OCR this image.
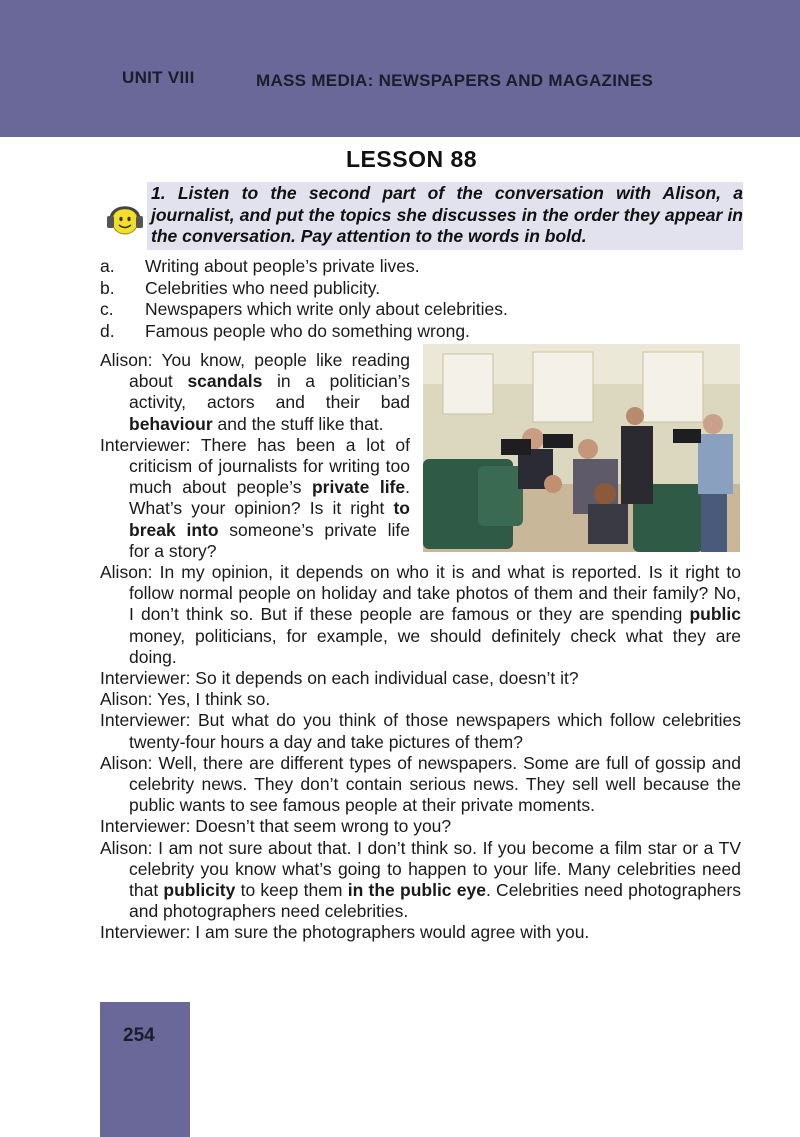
UNIT VIII	MASS MEDIA: NEWSPAPERS AND MAGAZINES
LESSON 88
1. Listen to the second part of the conversation with Alison, a journalist, and put the topics she discusses in the order they appear in the conversation. Pay attention to the words in bold.
a.	Writing about people’s private lives.
b.	Celebrities who need publicity.
c.	Newspapers which write only about celebrities.
d.	Famous people who do something wrong.

Alison: You know, people like reading about scandals in a politician’s activity, actors and their bad behaviour and the stuff like that.

Interviewer: There has been a lot of criticism of journalists for writing too much about people’s private life. What’s your opinion? Is it right to break into someone’s private life for a story?

Alison: In my opinion, it depends on who it is and what is reported. Is it right to follow normal people on holiday and take photos of them and their family? No, I don’t think so. But if these people are famous or they are spending public money, politicians, for example, we should definitely check what they are doing.

Interviewer: So it depends on each individual case, doesn’t it?

Alison: Yes, I think so.

Interviewer: But what do you think of those newspapers which follow celebrities twenty-four hours a day and take pictures of them?

Alison: Well, there are different types of newspapers. Some are full of gossip and celebrity news. They don’t contain serious news. They sell well because the public wants to see famous people at their private moments.

Interviewer: Doesn’t that seem wrong to you?

Alison: I am not sure about that. I don’t think so. If you become a film star or a TV celebrity you know what’s going to happen to your life. Many celebrities need that publicity to keep them in the public eye. Celebrities need photographers and photographers need celebrities.

Interviewer: I am sure the photographers would agree with you.

254
